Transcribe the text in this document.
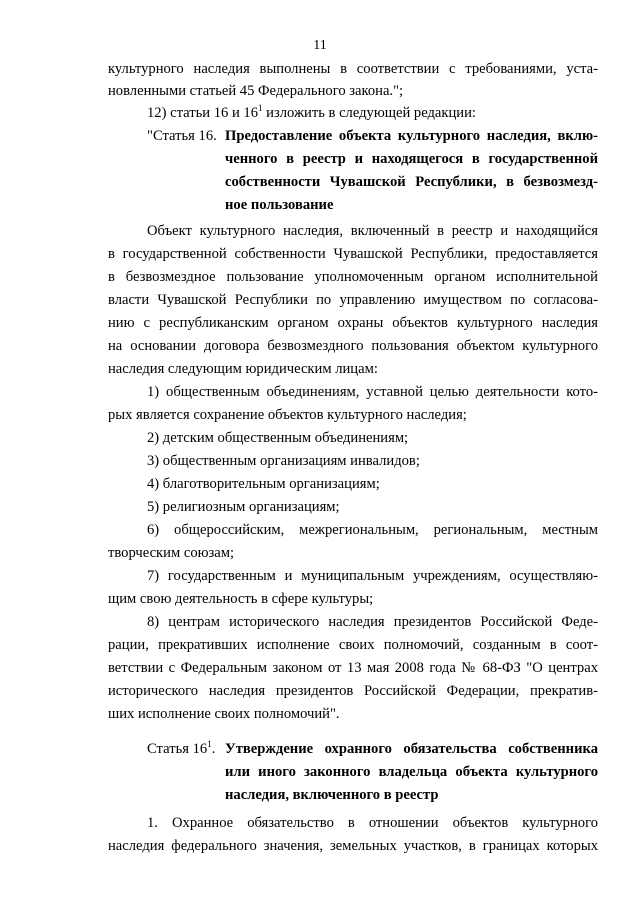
11
культурного наследия выполнены в соответствии с требованиями, уста-
новленными статьей 45 Федерального закона.";
12) статьи 16 и $16^1$ изложить в следующей редакции:
"Статья 16. Предоставление объекта культурного наследия, вклю-
ченного в реестр и находящегося в государственной
собственности Чувашской Республики, в безвозмезд-
ное пользование
Объект культурного наследия, включенный в реестр и находящийся
в государственной собственности Чувашской Республики, предоставляется
в безвозмездное пользование уполномоченным органом исполнительной
власти Чувашской Республики по управлению имуществом по согласова-
нию с республиканским органом охраны объектов культурного наследия
на основании договора безвозмездного пользования объектом культурного
наследия следующим юридическим лицам:
1) общественным объединениям, уставной целью деятельности кото-
рых является сохранение объектов культурного наследия;
2) детским общественным объединениям;
3) общественным организациям инвалидов;
4) благотворительным организациям;
5) религиозным организациям;
6) общероссийским, межрегиональным, региональным, местным
творческим союзам;
7) государственным и муниципальным учреждениям, осуществляю-
щим свою деятельность в сфере культуры;
8) центрам исторического наследия президентов Российской Феде-
рации, прекративших исполнение своих полномочий, созданным в соот-
ветствии с Федеральным законом от 13 мая 2008 года № 68-ФЗ "О центрах
исторического наследия президентов Российской Федерации, прекратив-
ших исполнение своих полномочий".
Статья $16^1$. Утверждение охранного обязательства собственника
или иного законного владельца объекта культурного
наследия, включенного в реестр
1. Охранное обязательство в отношении объектов культурного
наследия федерального значения, земельных участков, в границах которых
